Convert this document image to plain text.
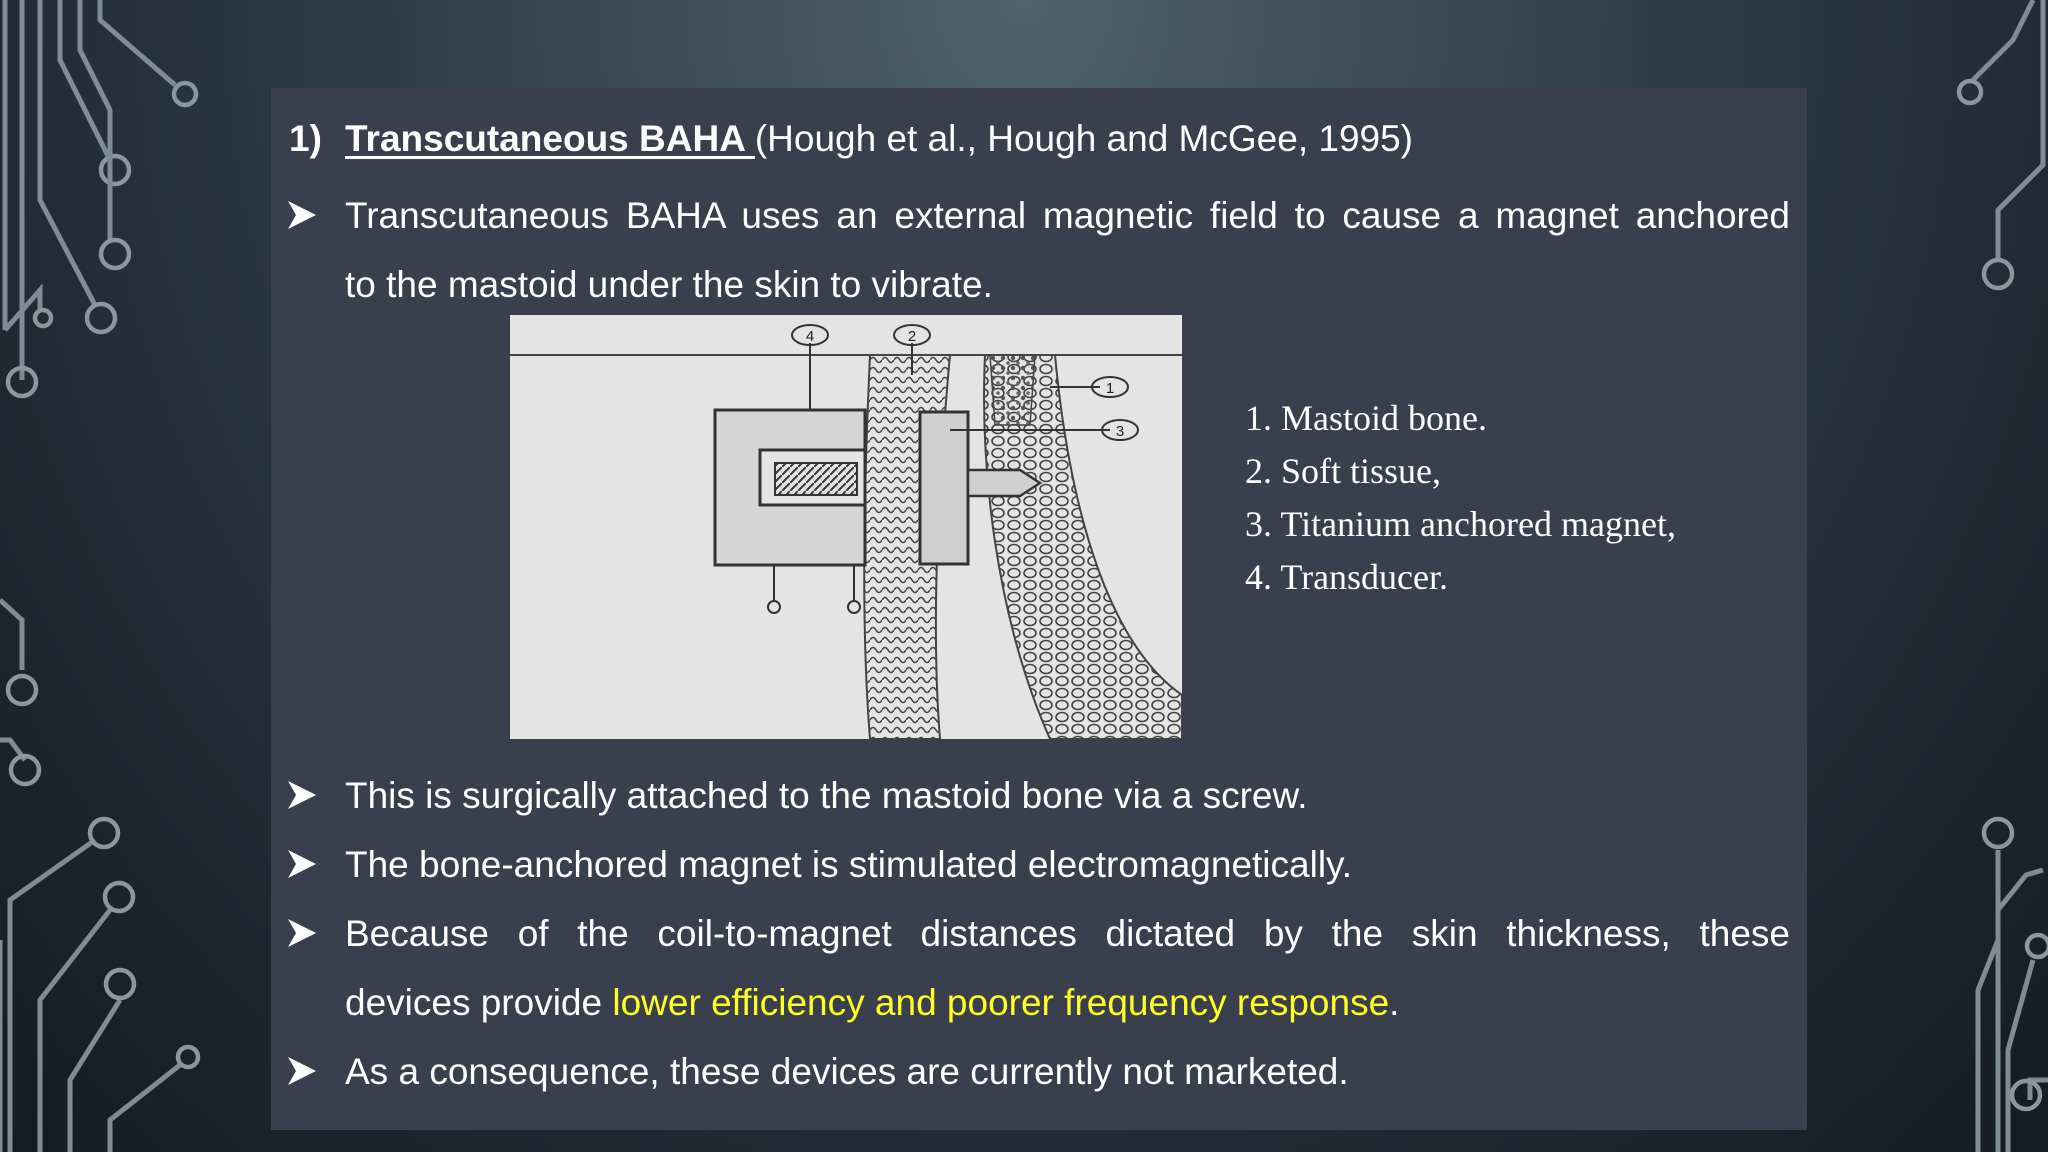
1) Transcutaneous BAHA (Hough et al., Hough and McGee, 1995)
Transcutaneous BAHA uses an external magnetic field to cause a magnet anchored
to the mastoid under the skin to vibrate.
4	2
1
3	1. Mastoid bone.
2. Soft tissue,
3. Titanium anchored magnet,
4. Transducer.
This is surgically attached to the mastoid bone via a screw.
The bone-anchored magnet is stimulated electromagnetically.
Because of the coil-to-magnet distances dictated by the skin thickness, these
devices provide lower efficiency and poorer frequency response.
As a consequence, these devices are currently not marketed.
